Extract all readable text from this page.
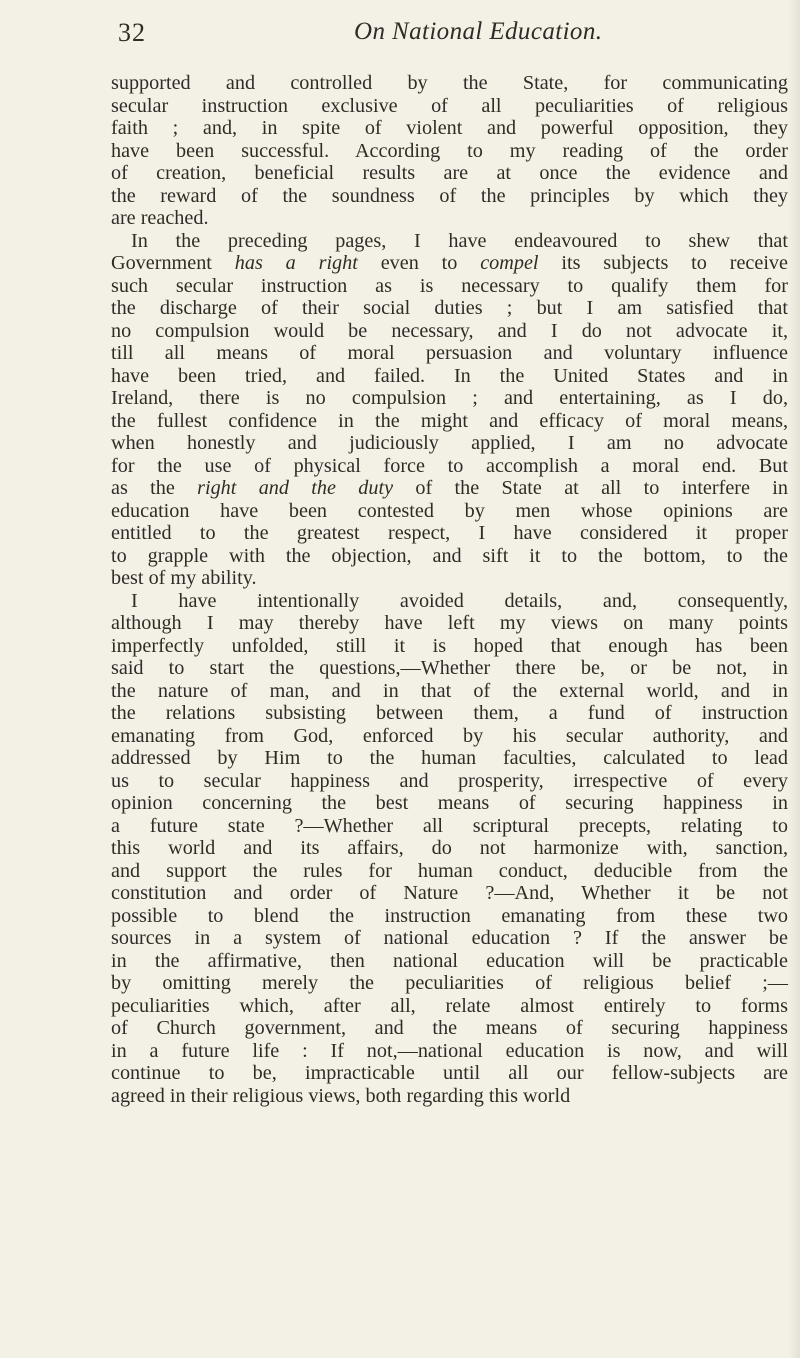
32	On National Education.
supported and controlled by the State, for communicating
secular instruction exclusive of all peculiarities of religious
faith ; and, in spite of violent and powerful opposition, they
have been successful. According to my reading of the order
of creation, beneficial results are at once the evidence and
the reward of the soundness of the principles by which they
are reached.
In the preceding pages, I have endeavoured to shew that
Government has a right even to compel its subjects to receive
such secular instruction as is necessary to qualify them for
the discharge of their social duties ; but I am satisfied that
no compulsion would be necessary, and I do not advocate it,
till all means of moral persuasion and voluntary influence
have been tried, and failed. In the United States and in
Ireland, there is no compulsion ; and entertaining, as I do,
the fullest confidence in the might and efficacy of moral means,
when honestly and judiciously applied, I am no advocate
for the use of physical force to accomplish a moral end. But
as the right and the duty of the State at all to interfere in
education have been contested by men whose opinions are
entitled to the greatest respect, I have considered it proper
to grapple with the objection, and sift it to the bottom, to the
best of my ability.
I have intentionally avoided details, and, consequently,
although I may thereby have left my views on many points
imperfectly unfolded, still it is hoped that enough has been
said to start the questions,—Whether there be, or be not, in
the nature of man, and in that of the external world, and in
the relations subsisting between them, a fund of instruction
emanating from God, enforced by his secular authority, and
addressed by Him to the human faculties, calculated to lead
us to secular happiness and prosperity, irrespective of every
opinion concerning the best means of securing happiness in
a future state ?—Whether all scriptural precepts, relating to
this world and its affairs, do not harmonize with, sanction,
and support the rules for human conduct, deducible from the
constitution and order of Nature ?—And, Whether it be not
possible to blend the instruction emanating from these two
sources in a system of national education ? If the answer be
in the affirmative, then national education will be practicable
by omitting merely the peculiarities of religious belief ;—
peculiarities which, after all, relate almost entirely to forms
of Church government, and the means of securing happiness
in a future life : If not,—national education is now, and will
continue to be, impracticable until all our fellow-subjects are
agreed in their religious views, both regarding this world
